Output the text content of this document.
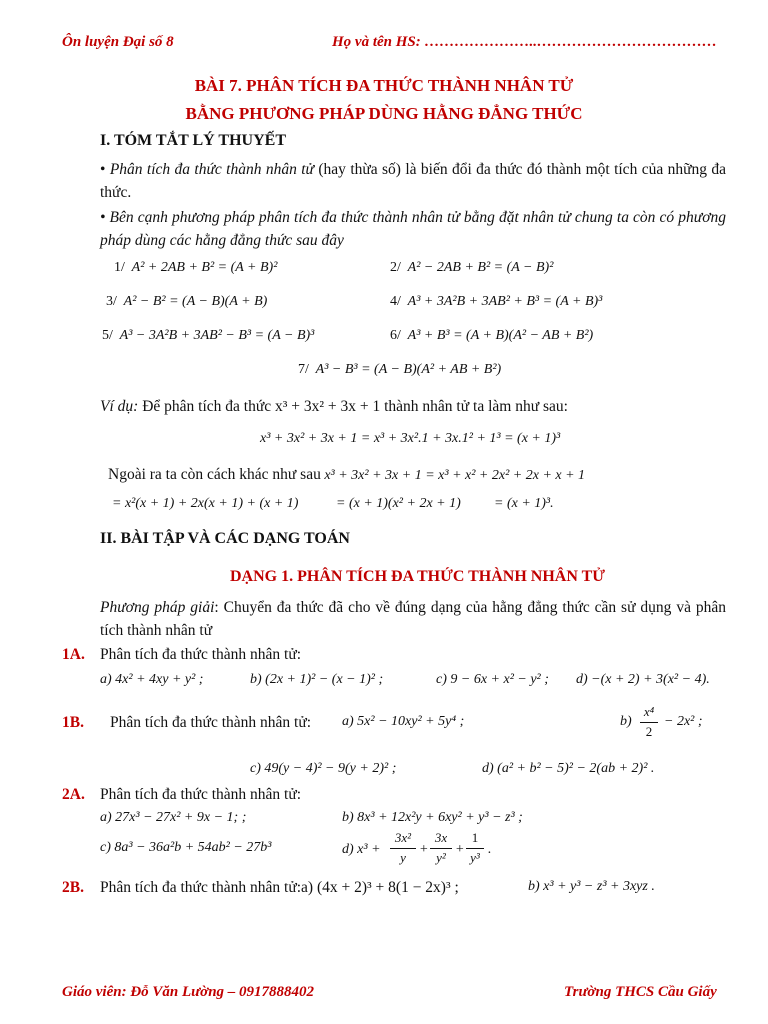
Ôn luyện Đại số 8	Họ và tên HS: …………………..………………………………
BÀI 7. PHÂN TÍCH ĐA THỨC THÀNH NHÂN TỬ
BẰNG PHƯƠNG PHÁP DÙNG HẰNG ĐẲNG THỨC
I. TÓM TẮT LÝ THUYẾT
• Phân tích đa thức thành nhân tử (hay thừa số) là biến đổi đa thức đó thành một tích của những đa thức.
• Bên cạnh phương pháp phân tích đa thức thành nhân tử bằng đặt nhân tử chung ta còn có phương pháp dùng các hằng đẳng thức sau đây
1/ A² + 2AB + B² = (A + B)²	2/ A² − 2AB + B² = (A − B)²
3/ A² − B² = (A − B)(A + B)	4/ A³ + 3A²B + 3AB² + B³ = (A + B)³
5/ A³ − 3A²B + 3AB² − B³ = (A − B)³	6/ A³ + B³ = (A + B)(A² − AB + B²)
7/ A³ − B³ = (A − B)(A² + AB + B²)
Ví dụ: Để phân tích đa thức x³ + 3x² + 3x + 1 thành nhân tử ta làm như sau:
x³ + 3x² + 3x + 1 = x³ + 3x².1 + 3x.1² + 1³ = (x + 1)³
Ngoài ra ta còn cách khác như sau x³ + 3x² + 3x + 1 = x³ + x² + 2x² + 2x + x + 1
= x²(x + 1) + 2x(x + 1) + (x + 1)	= (x + 1)(x² + 2x + 1) = (x + 1)³.
II. BÀI TẬP VÀ CÁC DẠNG TOÁN
DẠNG 1. PHÂN TÍCH ĐA THỨC THÀNH NHÂN TỬ
Phương pháp giải: Chuyển đa thức đã cho về đúng dạng của hằng đẳng thức cần sử dụng và phân tích thành nhân tử
1A. Phân tích đa thức thành nhân tử:
a) 4x² + 4xy + y² ;	b) (2x + 1)² − (x − 1)² ;	c) 9 − 6x + x² − y² ; d) −(x + 2) + 3(x² − 4).
1B. Phân tích đa thức thành nhân tử: a) 5x² − 10xy² + 5y⁴ ;	b)
x⁴
2
− 2x² ;
c) 49(y − 4)² − 9(y + 2)² ;	d) (a² + b² − 5)² − 2(ab + 2)² .
2A. Phân tích đa thức thành nhân tử:
a) 27x³ − 27x² + 9x − 1; ;	b) 8x³ + 12x²y + 6xy² + y³ − z³ ;
c) 8a³ − 36a²b + 54ab² − 27b³	d) x³ +
3x²
y
+
3x
y²
+
1
y³
.
2B. Phân tích đa thức thành nhân tử:a) (4x + 2)³ + 8(1 − 2x)³ ;	b) x³ + y³ − z³ + 3xyz .
Giáo viên: Đỗ Văn Lường – 0917888402	Trường THCS Cầu Giấy
